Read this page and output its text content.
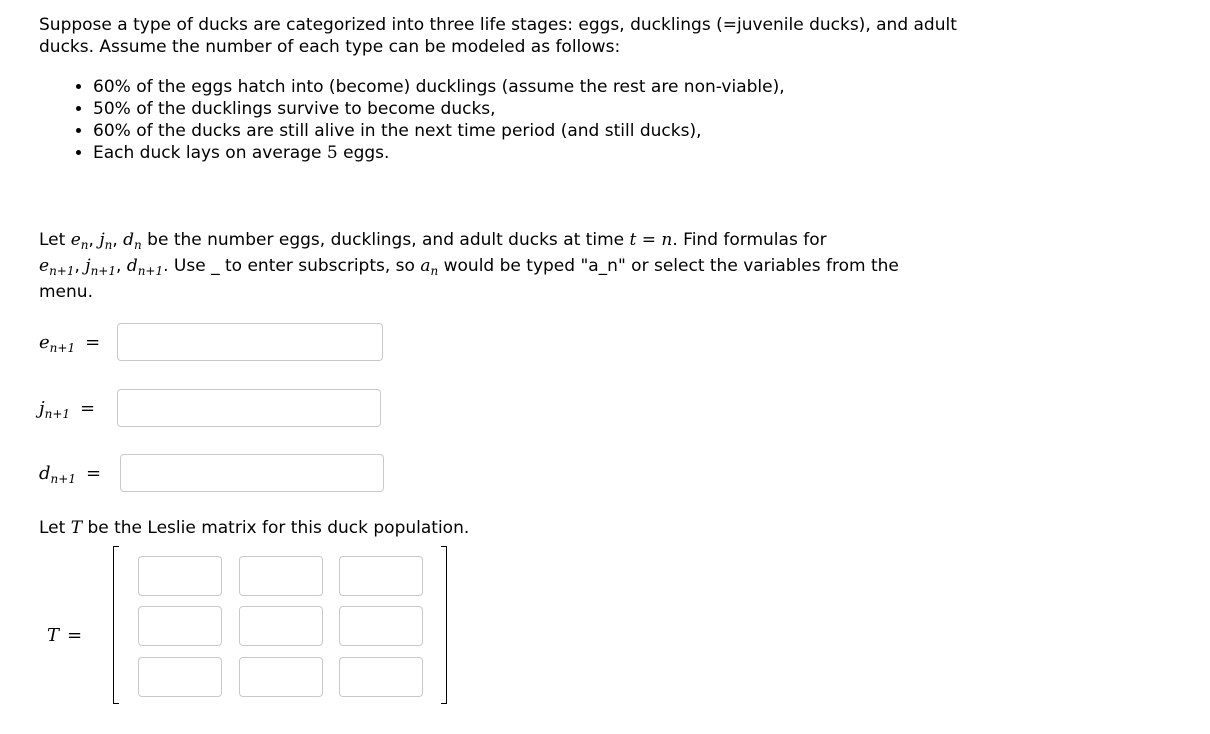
Suppose a type of ducks are categorized into three life stages: eggs, ducklings (=juvenile ducks), and adult
ducks. Assume the number of each type can be modeled as follows:
• 60% of the eggs hatch into (become) ducklings (assume the rest are non-viable),
• 50% of the ducklings survive to become ducks,
• 60% of the ducks are still alive in the next time period (and still ducks),
• Each duck lays on average 5 eggs.
Let $e_n$, $j_n$, $d_n$ be the number eggs, ducklings, and adult ducks at time t = n. Find formulas for
$e_{n+1}$, $j_{n+1}$, $d_{n+1}$. Use _ to enter subscripts, so $a_n$ would be typed "a_n" or select the variables from the
menu.
$e_{n+1}$ =
$j_{n+1}$ =
$d_{n+1}$ =
Let T be the Leslie matrix for this duck population.
T =
